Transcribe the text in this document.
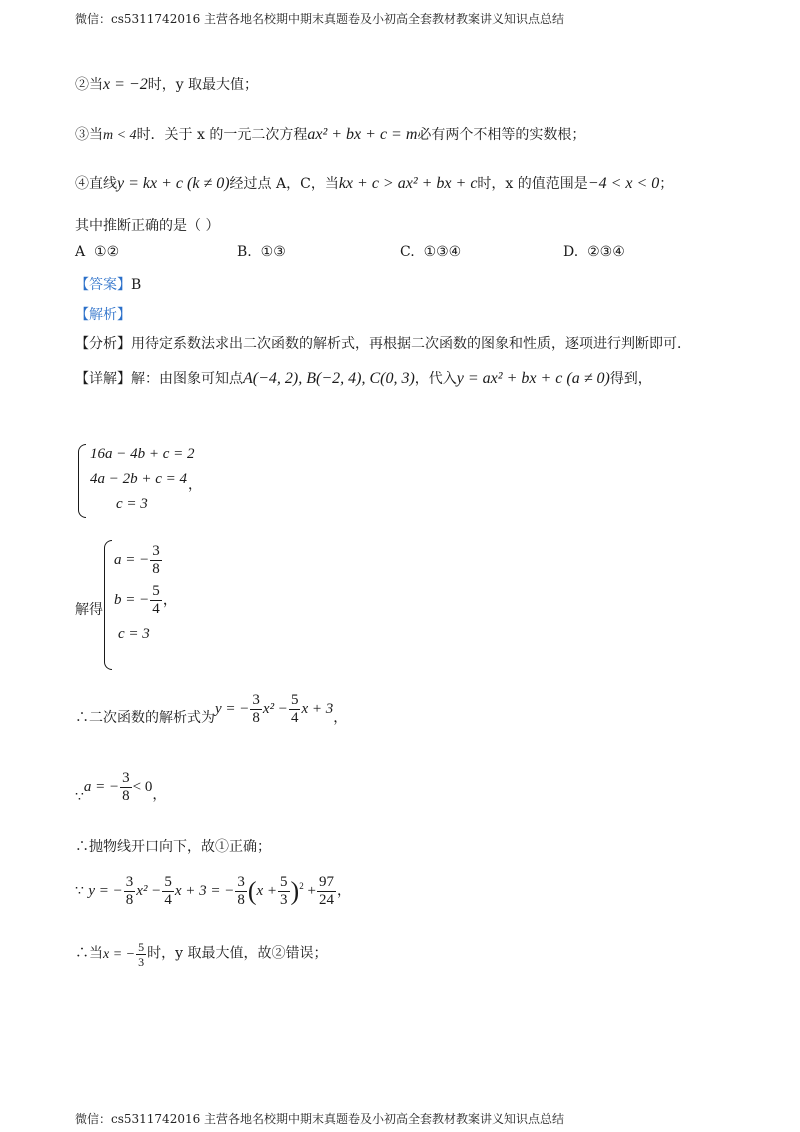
微信：cs5311742016 主营各地名校期中期末真题卷及小初高全套教材教案讲义知识点总结
②当x = −2时，y 取最大值；
③当m < 4时．关于 x 的一元二次方程ax² + bx + c = m必有两个不相等的实数根；
④直线y = kx + c (k ≠ 0)经过点 A，C，当kx + c > ax² + bx + c时，x 的值范围是−4 < x < 0；
其中推断正确的是（ ）
A ①②	B. ①③	C. ①③④	D. ②③④
【答案】B
【解析】
【分析】用待定系数法求出二次函数的解析式，再根据二次函数的图象和性质，逐项进行判断即可．
【详解】解：由图象可知点A(−4, 2), B(−2, 4), C(0, 3)，代入y = ax² + bx + c (a ≠ 0)得到，
16a − 4b + c = 2
4a − 2b + c = 4
c = 3
，
解得
a = − $\frac{3}{8}$
b = − $\frac{5}{4}$ ，
c = 3
∴二次函数的解析式为y = − $\frac{3}{8} x^2 - \frac{5}{4}$ x + 3，
∵a = − $\frac{3}{8} < 0$，
∴抛物线开口向下，故①正确；
∵ y = − $\frac{3}{8} x^2 - \frac{5}{4}$ x + 3 = − $\frac{3}{8} (x + \frac{5}{3} )^2 + \frac{97}{24}$ ，
∴当x = − $\frac{5}{3}$ 时，y 取最大值，故②错误；
微信：cs5311742016 主营各地名校期中期末真题卷及小初高全套教材教案讲义知识点总结
